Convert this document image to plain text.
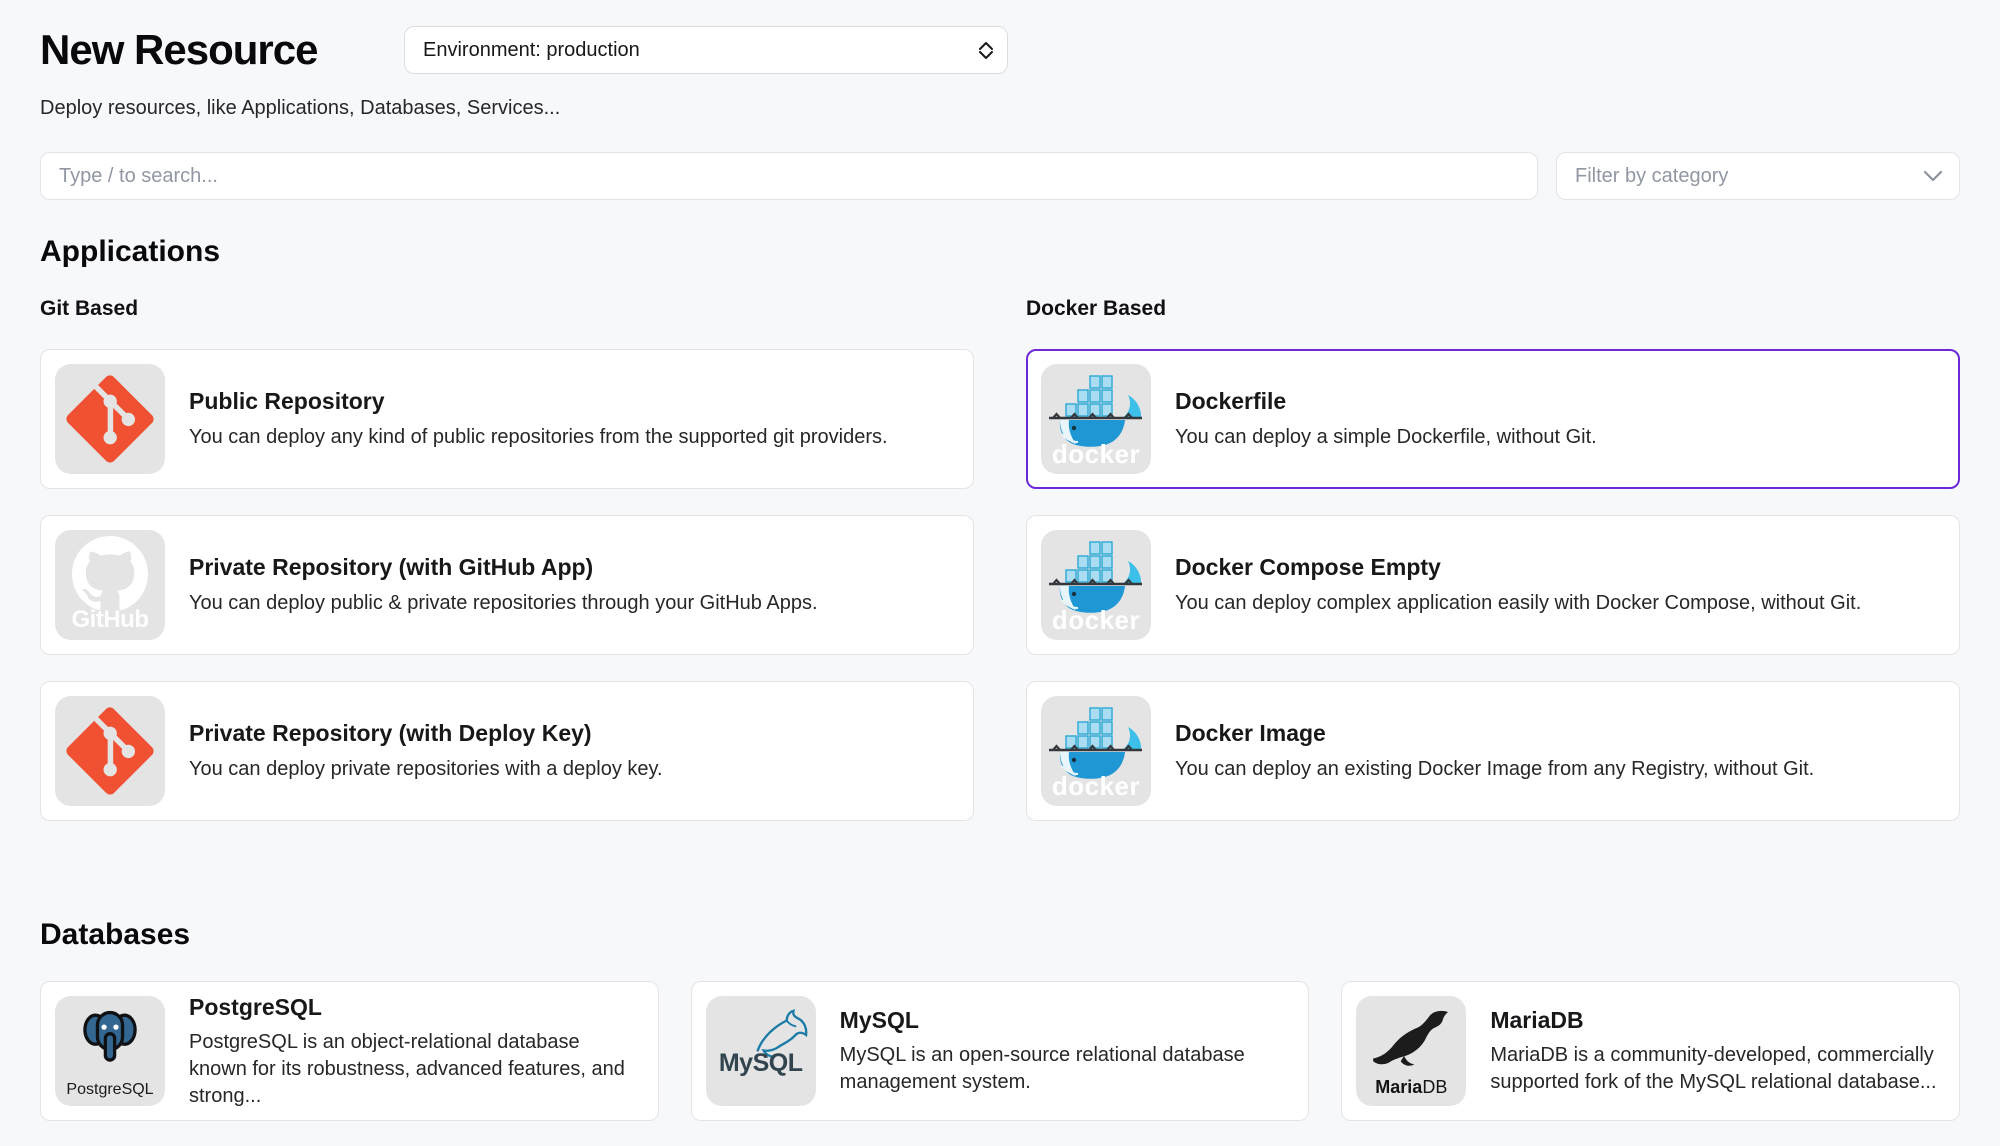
New Resource	Environment: production

Deploy resources, like Applications, Databases, Services...

Type / to search...
Filter by category
Applications
Git Based
Public Repository
You can deploy any kind of public repositories from the supported git providers.
GitHub
Private Repository (with GitHub App)
You can deploy public & private repositories through your GitHub Apps.
Private Repository (with Deploy Key)
You can deploy private repositories with a deploy key.
Docker Based
docker
Dockerfile
You can deploy a simple Dockerfile, without Git.
docker
Docker Compose Empty
You can deploy complex application easily with Docker Compose, without Git.
docker
Docker Image
You can deploy an existing Docker Image from any Registry, without Git.
Databases
PostgreSQL
PostgreSQL
PostgreSQL is an object-relational database known for its robustness, advanced features, and strong...
MySQL
MySQL
MySQL is an open-source relational database management system.	MariaDB
MariaDB
MariaDB is a community-developed, commercially supported fork of the MySQL relational database...
